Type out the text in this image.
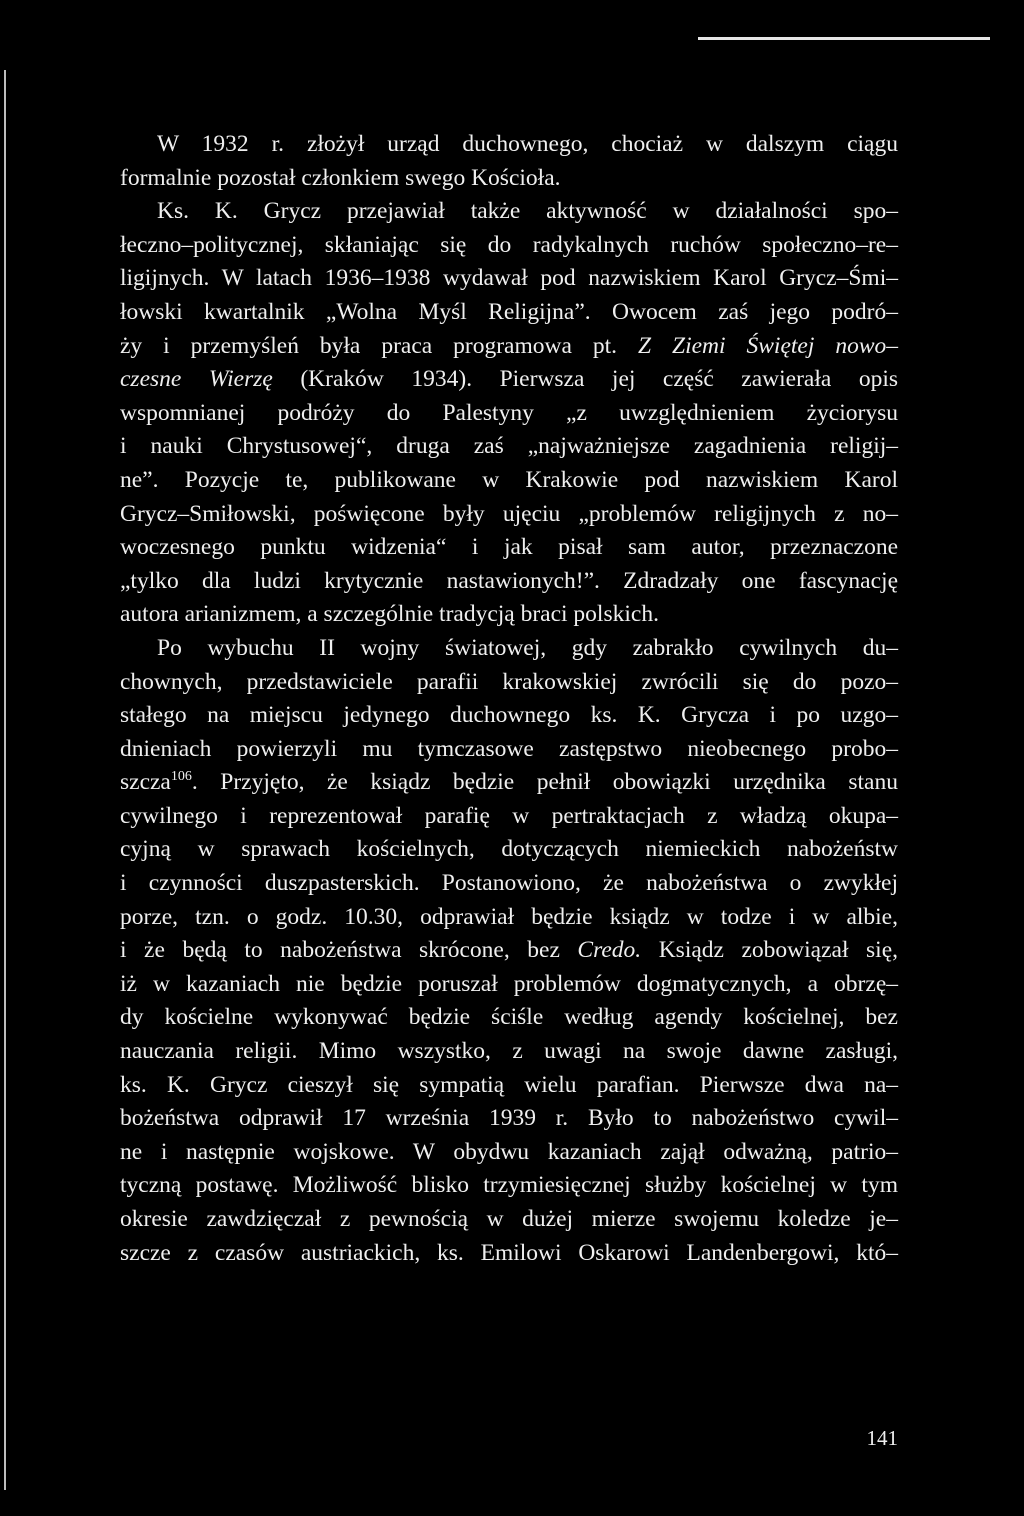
W 1932 r. złożył urząd duchownego, chociaż w dalszym ciągu
formalnie pozostał członkiem swego Kościoła.
Ks. K. Grycz przejawiał także aktywność w działalności spo–
łeczno–politycznej, skłaniając się do radykalnych ruchów społeczno–re–
ligijnych. W latach 1936–1938 wydawał pod nazwiskiem Karol Grycz–Śmi–
łowski kwartalnik „Wolna Myśl Religijna”. Owocem zaś jego podró–
ży i przemyśleń była praca programowa pt. Z Ziemi Świętej nowo–
czesne Wierzę (Kraków 1934). Pierwsza jej część zawierała opis
wspomnianej podróży do Palestyny „z uwzględnieniem życiorysu
i nauki Chrystusowej“, druga zaś „najważniejsze zagadnienia religij–
ne”. Pozycje te, publikowane w Krakowie pod nazwiskiem Karol
Grycz–Smiłowski, poświęcone były ujęciu „problemów religijnych z no–
woczesnego punktu widzenia“ i jak pisał sam autor, przeznaczone
„tylko dla ludzi krytycznie nastawionych!”. Zdradzały one fascynację
autora arianizmem, a szczególnie tradycją braci polskich.
Po wybuchu II wojny światowej, gdy zabrakło cywilnych du–
chownych, przedstawiciele parafii krakowskiej zwrócili się do pozo–
stałego na miejscu jedynego duchownego ks. K. Grycza i po uzgo–
dnieniach powierzyli mu tymczasowe zastępstwo nieobecnego probo–
szcza$^{106}$. Przyjęto, że ksiądz będzie pełnił obowiązki urzędnika stanu
cywilnego i reprezentował parafię w pertraktacjach z władzą okupa–
cyjną w sprawach kościelnych, dotyczących niemieckich nabożeństw
i czynności duszpasterskich. Postanowiono, że nabożeństwa o zwykłej
porze, tzn. o godz. 10.30, odprawiał będzie ksiądz w todze i w albie,
i że będą to nabożeństwa skrócone, bez Credo. Ksiądz zobowiązał się,
iż w kazaniach nie będzie poruszał problemów dogmatycznych, a obrzę–
dy kościelne wykonywać będzie ściśle według agendy kościelnej, bez
nauczania religii. Mimo wszystko, z uwagi na swoje dawne zasługi,
ks. K. Grycz cieszył się sympatią wielu parafian. Pierwsze dwa na–
bożeństwa odprawił 17 września 1939 r. Było to nabożeństwo cywil–
ne i następnie wojskowe. W obydwu kazaniach zajął odważną, patrio–
tyczną postawę. Możliwość blisko trzymiesięcznej służby kościelnej w tym
okresie zawdzięczał z pewnością w dużej mierze swojemu koledze je–
szcze z czasów austriackich, ks. Emilowi Oskarowi Landenbergowi, któ–
141
